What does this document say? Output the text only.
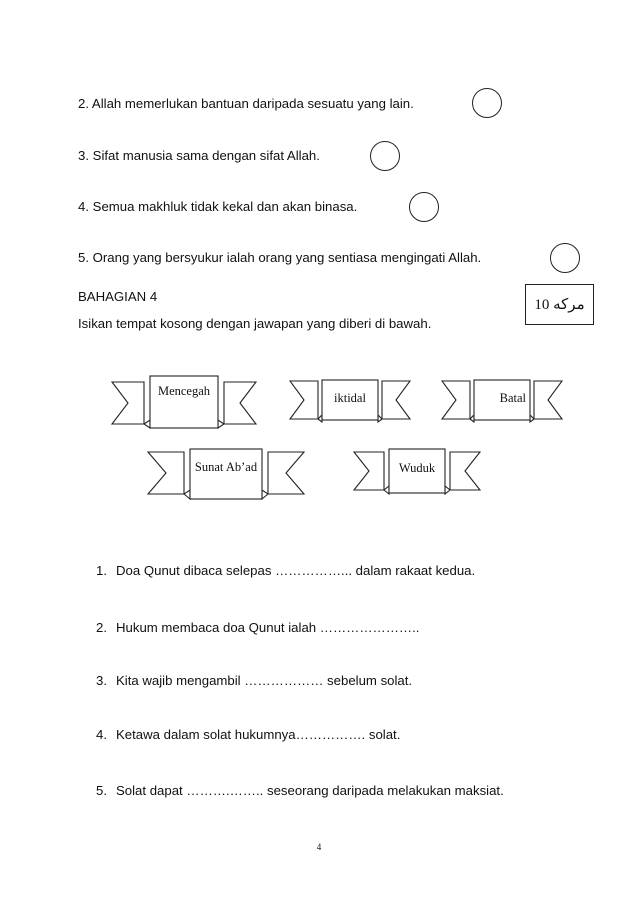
2. Allah memerlukan bantuan daripada sesuatu yang lain.
3. Sifat manusia sama dengan sifat Allah.
4. Semua makhluk tidak kekal dan akan binasa.
5. Orang yang bersyukur ialah orang yang sentiasa mengingati Allah.
BAHAGIAN 4
Isikan tempat kosong dengan jawapan yang diberi di bawah.
10 مركه
Mencegah	iktidal	Batal
Sunat Ab’ad	Wuduk
1. Doa Qunut dibaca selepas ……………... dalam rakaat kedua.
2. Hukum membaca doa Qunut ialah …………………..
3. Kita wajib mengambil ……………… sebelum solat.
4. Ketawa dalam solat hukumnya……………. solat.
5. Solat dapat ……….…….. seseorang daripada melakukan maksiat.
4
